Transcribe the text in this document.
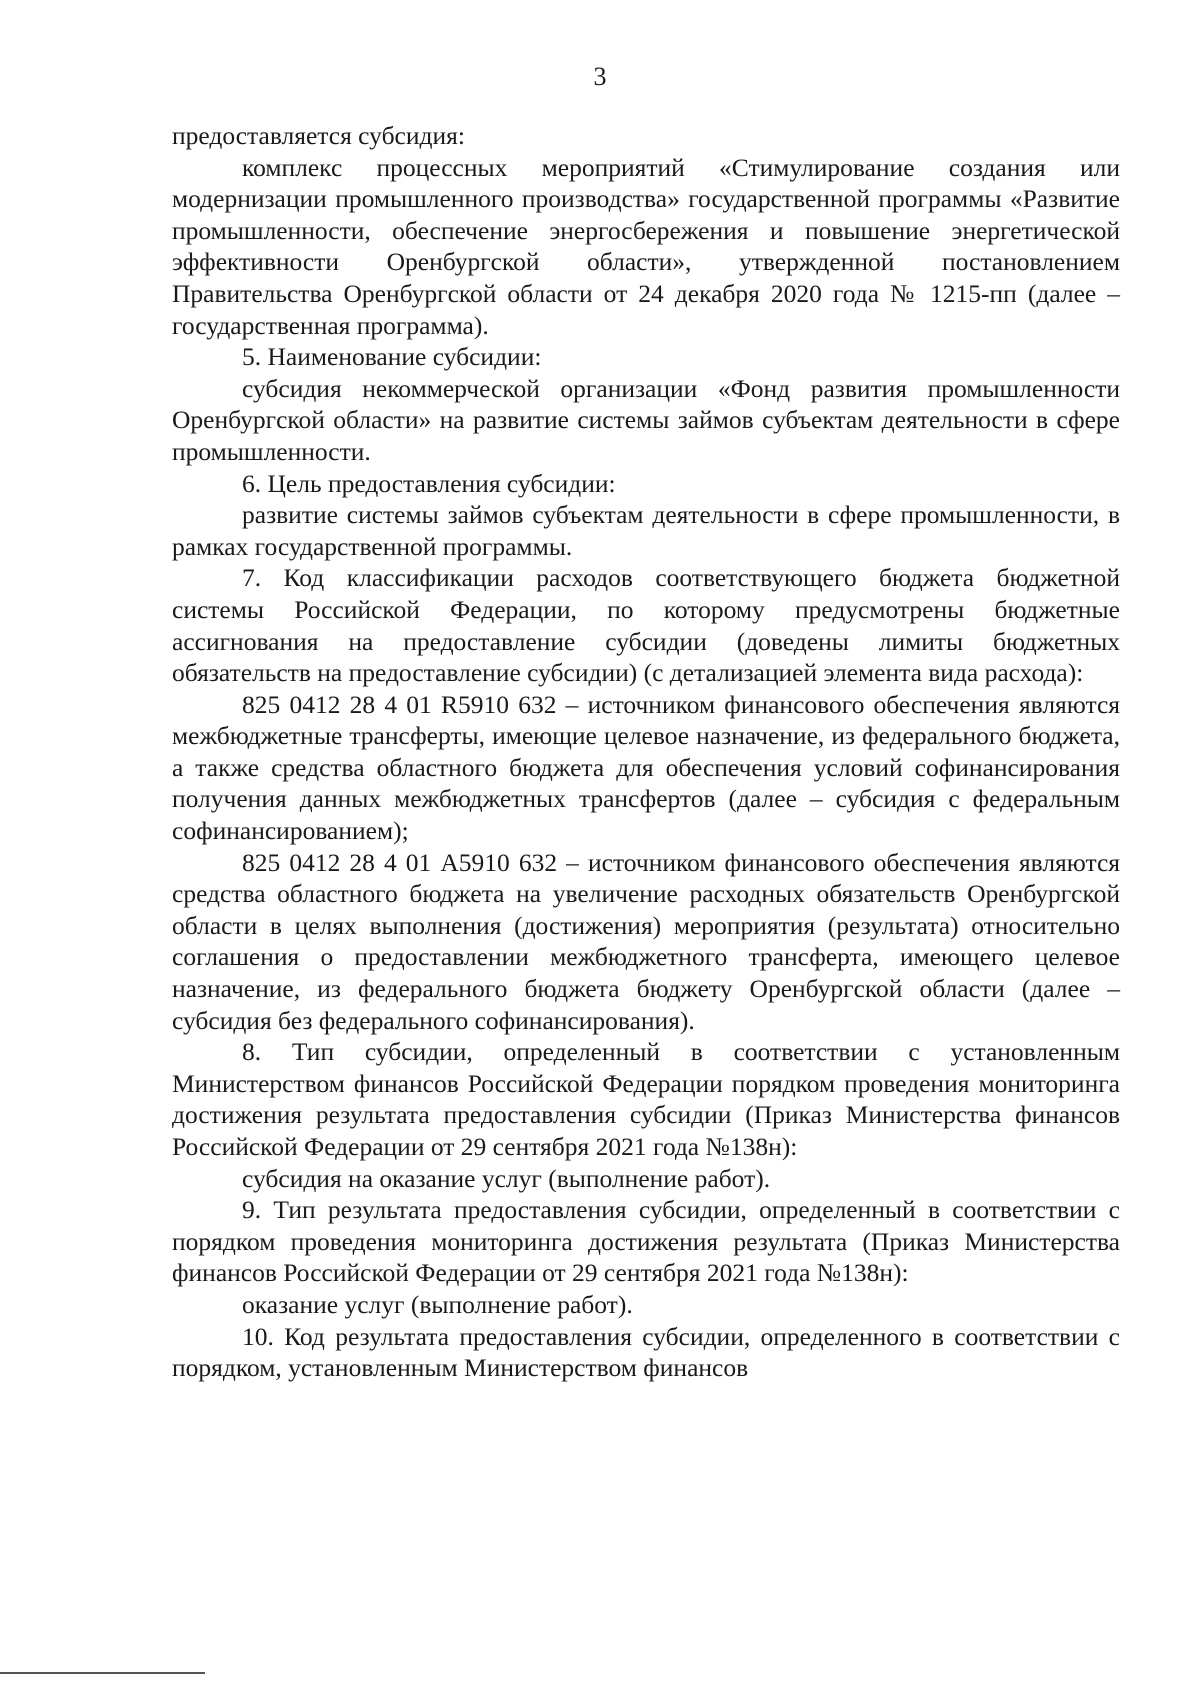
3

предоставляется субсидия:

комплекс процессных мероприятий «Стимулирование создания или модернизации промышленного производства» государственной программы «Развитие промышленности, обеспечение энергосбережения и повышение энергетической эффективности Оренбургской области», утвержденной постановлением Правительства Оренбургской области от 24 декабря 2020 года № 1215-пп (далее – государственная программа).

5. Наименование субсидии:

субсидия некоммерческой организации «Фонд развития промышленности Оренбургской области» на развитие системы займов субъектам деятельности в сфере промышленности.

6. Цель предоставления субсидии:

развитие системы займов субъектам деятельности в сфере промышленности, в рамках государственной программы.

7. Код классификации расходов соответствующего бюджета бюджетной системы Российской Федерации, по которому предусмотрены бюджетные ассигнования на предоставление субсидии (доведены лимиты бюджетных обязательств на предоставление субсидии) (с детализацией элемента вида расхода):

825 0412 28 4 01 R5910 632 – источником финансового обеспечения являются межбюджетные трансферты, имеющие целевое назначение, из федерального бюджета, а также средства областного бюджета для обеспечения условий софинансирования получения данных межбюджетных трансфертов (далее – субсидия с федеральным софинансированием);

825 0412 28 4 01 А5910 632 – источником финансового обеспечения являются средства областного бюджета на увеличение расходных обязательств Оренбургской области в целях выполнения (достижения) мероприятия (результата) относительно соглашения о предоставлении межбюджетного трансферта, имеющего целевое назначение, из федерального бюджета бюджету Оренбургской области (далее – субсидия без федерального софинансирования).

8. Тип субсидии, определенный в соответствии с установленным Министерством финансов Российской Федерации порядком проведения мониторинга достижения результата предоставления субсидии (Приказ Министерства финансов Российской Федерации от 29 сентября 2021 года №138н):

субсидия на оказание услуг (выполнение работ).

9. Тип результата предоставления субсидии, определенный в соответствии с порядком проведения мониторинга достижения результата (Приказ Министерства финансов Российской Федерации от 29 сентября 2021 года №138н):

оказание услуг (выполнение работ).

10. Код результата предоставления субсидии, определенного в соответствии с порядком, установленным Министерством финансов
